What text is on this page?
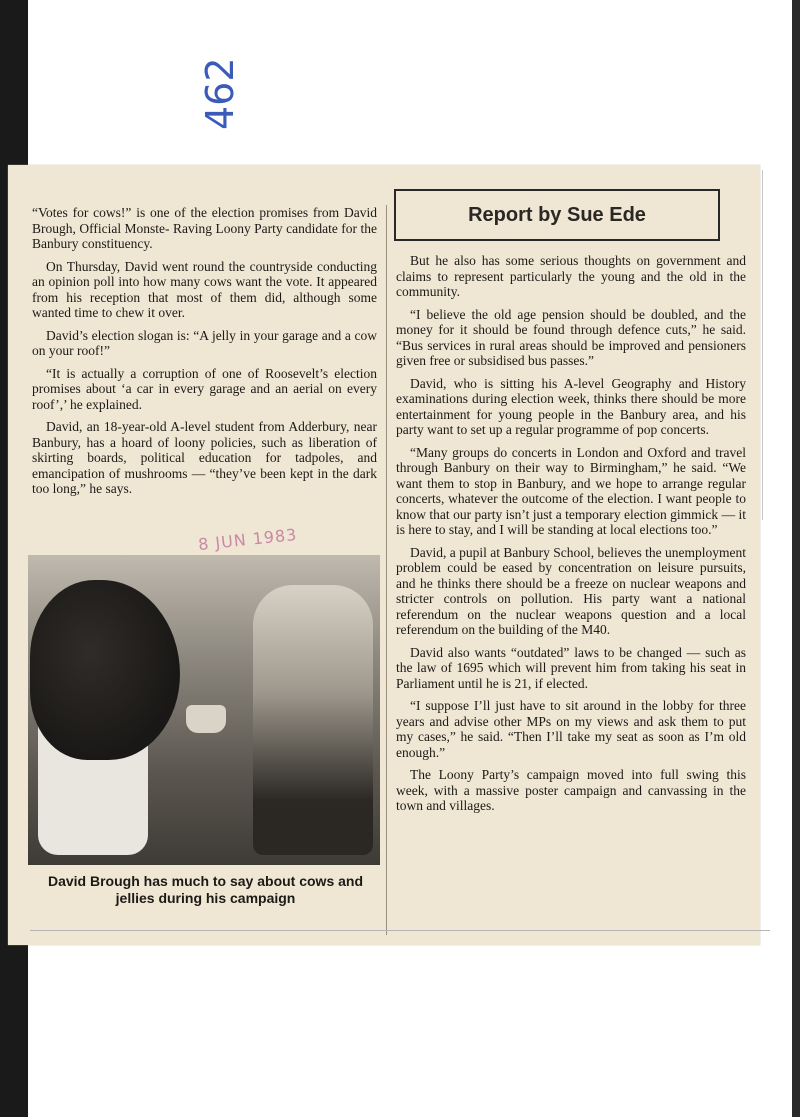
462

“Votes for cows!” is one of the election promises from David Brough, Official Monste- Raving Loony Party candidate for the Banbury constituency.

On Thursday, David went round the countryside conducting an opinion poll into how many cows want the vote. It appeared from his reception that most of them did, although some wanted time to chew it over.

David’s election slogan is: “A jelly in your garage and a cow on your roof!”

“It is actually a corruption of one of Roosevelt’s election promises about ‘a car in every garage and an aerial on every roof’,’ he explained.

David, an 18-year-old A-level student from Adderbury, near Banbury, has a hoard of loony policies, such as liberation of skirting boards, political education for tadpoles, and emancipation of mushrooms — “they’ve been kept in the dark too long,” he says.

Report by Sue Ede

But he also has some serious thoughts on government and claims to represent particularly the young and the old in the community.

“I believe the old age pension should be doubled, and the money for it should be found through defence cuts,” he said. “Bus services in rural areas should be improved and pensioners given free or subsidised bus passes.”

David, who is sitting his A-level Geography and History examinations during election week, thinks there should be more entertainment for young people in the Banbury area, and his party want to set up a regular programme of pop concerts.

“Many groups do concerts in London and Oxford and travel through Banbury on their way to Birmingham,” he said. “We want them to stop in Banbury, and we hope to arrange regular concerts, whatever the outcome of the election. I want people to know that our party isn’t just a temporary election gimmick — it is here to stay, and I will be standing at local elections too.”

David, a pupil at Banbury School, believes the unemployment problem could be eased by concentration on leisure pursuits, and he thinks there should be a freeze on nuclear weapons and stricter controls on pollution. His party want a national referendum on the nuclear weapons question and a local referendum on the building of the M40.

David also wants “outdated” laws to be changed — such as the law of 1695 which will prevent him from taking his seat in Parliament until he is 21, if elected.

“I suppose I’ll just have to sit around in the lobby for three years and advise other MPs on my views and ask them to put my cases,” he said. “Then I’ll take my seat as soon as I’m old enough.”

The Loony Party’s campaign moved into full swing this week, with a massive poster campaign and canvassing in the town and villages.

8 JUN 1983
David Brough has much to say about cows and jellies during his campaign
